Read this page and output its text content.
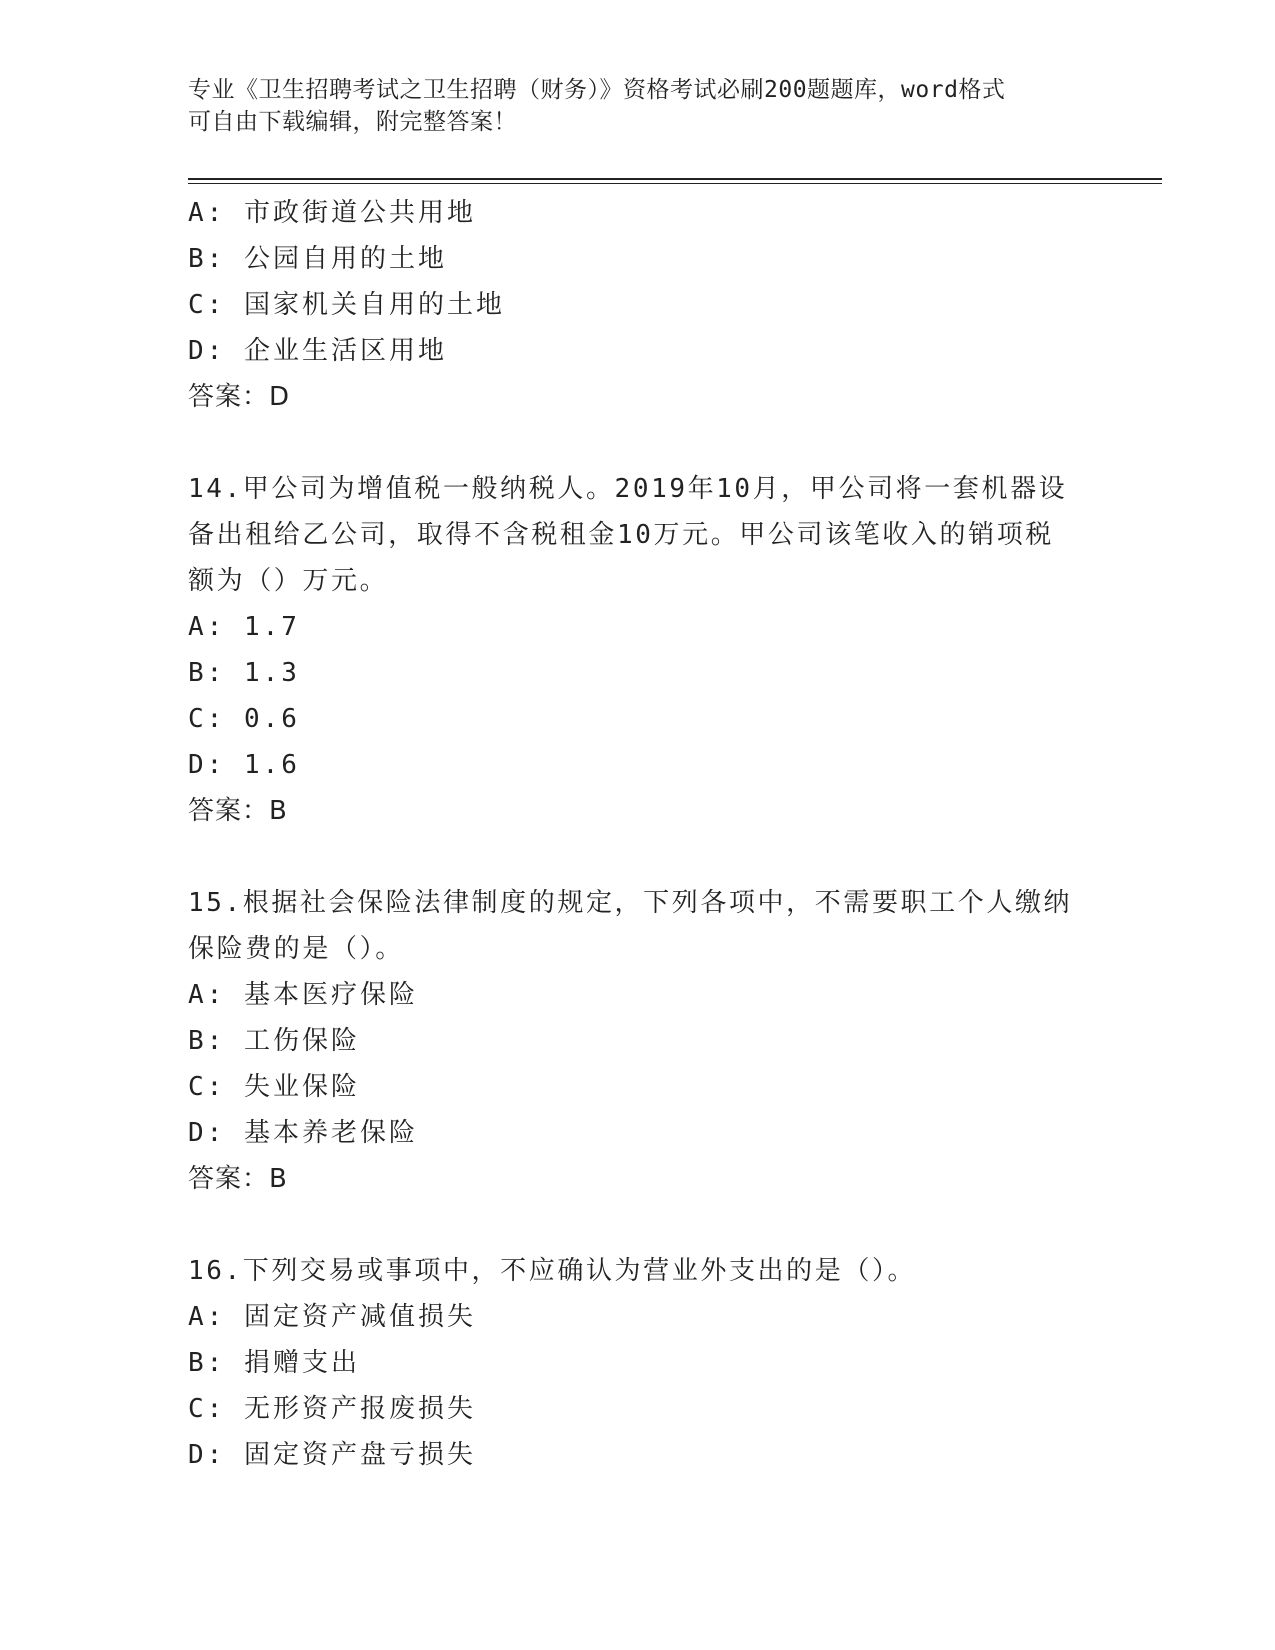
专业《卫生招聘考试之卫生招聘（财务）》资格考试必刷200题题库，word格式
可自由下载编辑，附完整答案！
A: 市政街道公共用地
B: 公园自用的土地
C: 国家机关自用的土地
D: 企业生活区用地
答案：D
14.甲公司为增值税一般纳税人。2019年10月，甲公司将一套机器设
备出租给乙公司，取得不含税租金10万元。甲公司该笔收入的销项税
额为（）万元。
A: 1.7
B: 1.3
C: 0.6
D: 1.6
答案：B
15.根据社会保险法律制度的规定，下列各项中，不需要职工个人缴纳
保险费的是（）。
A: 基本医疗保险
B: 工伤保险
C: 失业保险
D: 基本养老保险
答案：B
16.下列交易或事项中，不应确认为营业外支出的是（）。
A: 固定资产减值损失
B: 捐赠支出
C: 无形资产报废损失
D: 固定资产盘亏损失
